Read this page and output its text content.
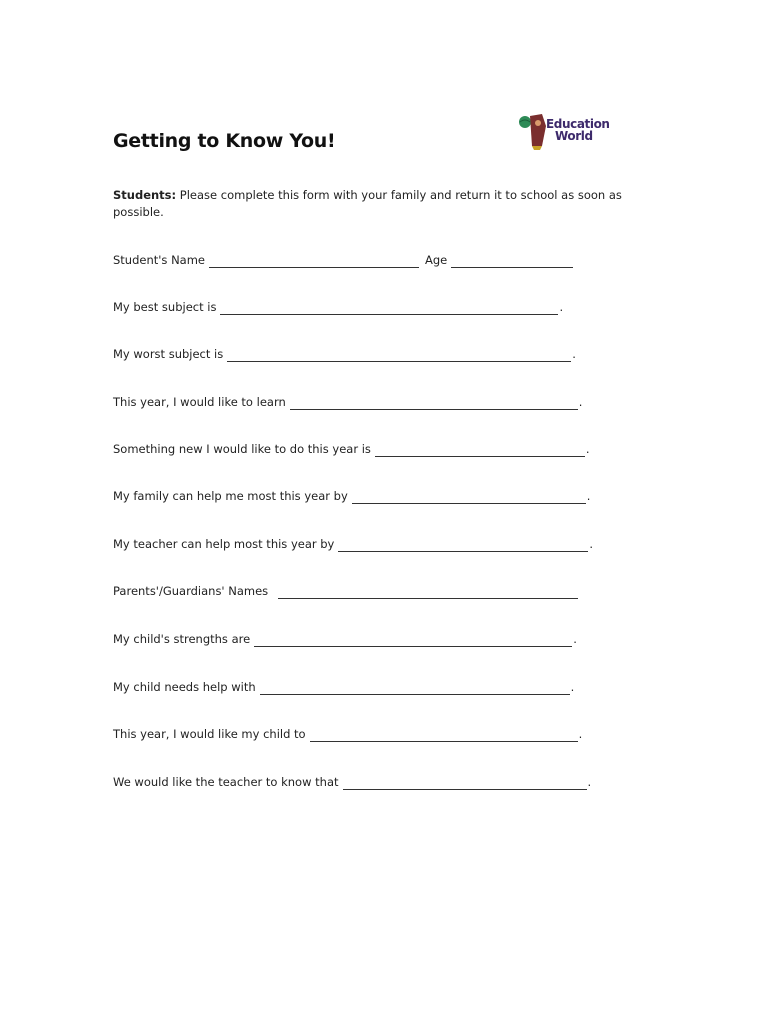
Getting to Know You!
Education
World
Students: Please complete this form with your family and return it to school as soon as possible.
Student's Name	Age
My best subject is	.
My worst subject is	.
This year, I would like to learn	.
Something new I would like to do this year is	.
My family can help me most this year by	.
My teacher can help most this year by	.
Parents'/Guardians' Names
My child's strengths are	.
My child needs help with	.
This year, I would like my child to	.
We would like the teacher to know that	.
